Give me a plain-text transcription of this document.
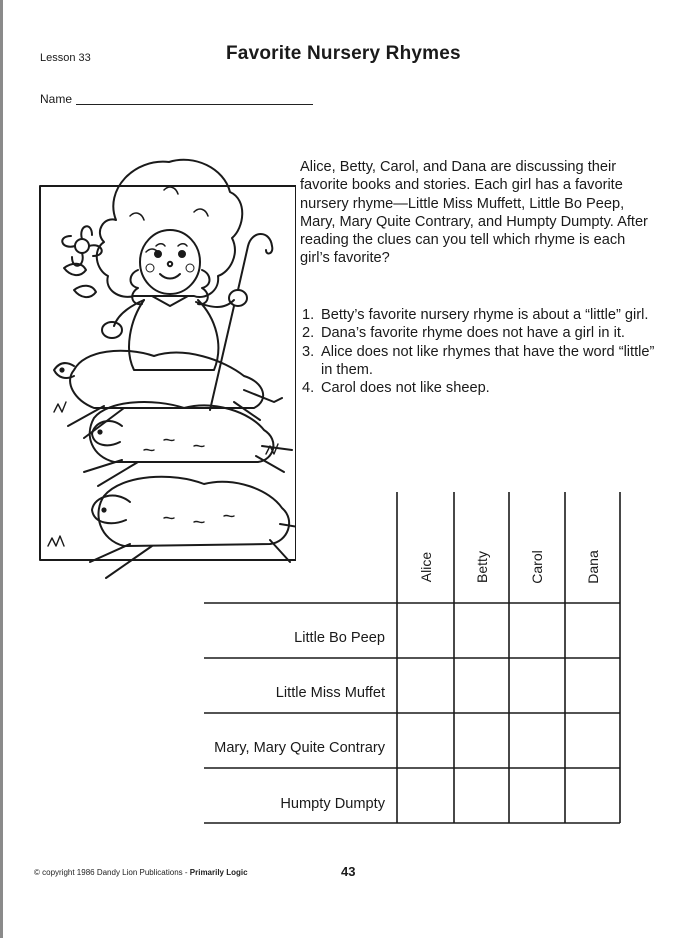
Lesson 33	Favorite Nursery Rhymes
Name
Alice, Betty, Carol, and Dana are discussing their favorite books and stories. Each girl has a favorite nursery rhyme—Little Miss Muffett, Little Bo Peep, Mary, Mary Quite Contrary, and Humpty Dumpty. After reading the clues can you tell which rhyme is each girl’s favorite?
1. Betty’s favorite nursery rhyme is about a “little” girl.
2. Dana’s favorite rhyme does not have a girl in it.
3. Alice does not like rhymes that have the word “little” in them.
4. Carol does not like sheep.
Alice	Betty	Carol	Dana
Little Bo Peep
Little Miss Muffet
Mary, Mary Quite Contrary
Humpty Dumpty
© copyright 1986 Dandy Lion Publications - Primarily Logic	43
